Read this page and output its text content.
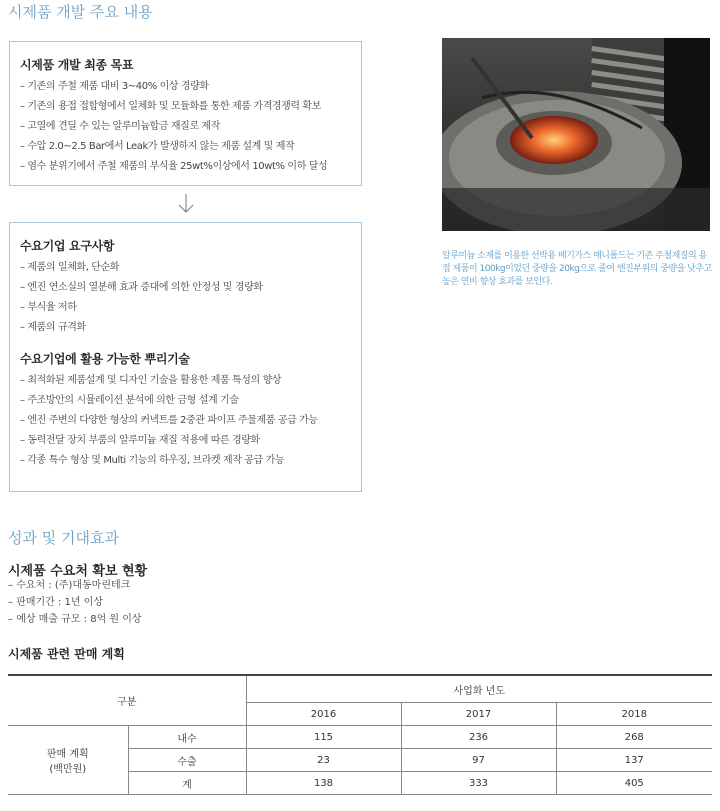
시제품 개발 주요 내용

시제품 개발 최종 목표

– 기존의 주철 제품 대비 3~40% 이상 경량화
– 기존의 용접 접합형에서 일체화 및 모듈화를 통한 제품 가격경쟁력 확보
– 고열에 견딜 수 있는 알루미늄합금 재질로 제작
– 수압 2.0~2.5 Bar에서 Leak가 발생하지 않는 제품 설계 및 제작
– 염수 분위기에서 주철 제품의 부식율 25wt%이상에서 10wt% 이하 달성

수요기업 요구사항

– 제품의 일체화, 단순화
– 엔진 연소실의 열분해 효과 증대에 의한 안정성 및 경량화
– 부식율 저하
– 제품의 규격화

수요기업에 활용 가능한 뿌리기술

– 최적화된 제품설계 및 디자인 기술을 활용한 제품 특성의 향상
– 주조방안의 시뮬레이션 분석에 의한 금형 설계 기술
– 엔진 주변의 다양한 형상의 커넥트를 2중관 파이프 주물제품 공급 가능
– 동력전달 장치 부품의 알루미늄 재질 적용에 따른 경량화
– 각종 특수 형상 및 Multi 기능의 하우징, 브라켓 제작 공급 가능

알루미늄 소재를 이용한 선박용 배기가스 매니폴드는 기존 주철재질의 용접 제품이 100kg이었던 중량을 20kg으로 줄여 엔진부위의 중량을 낮추고 높은 연비 향상 효과를 보인다.

성과 및 기대효과

시제품 수요처 확보 현황

– 수요처 : (주)대동마린테크
– 판매기간 : 1년 이상
– 예상 매출 규모 : 8억 원 이상

시제품 관련 판매 계획

구분		사업화 년도		
		2016	2017	2018

판매 계획
(백만원)	내수	115	236	268
	수출	23	97	137
	계	138	333	405
